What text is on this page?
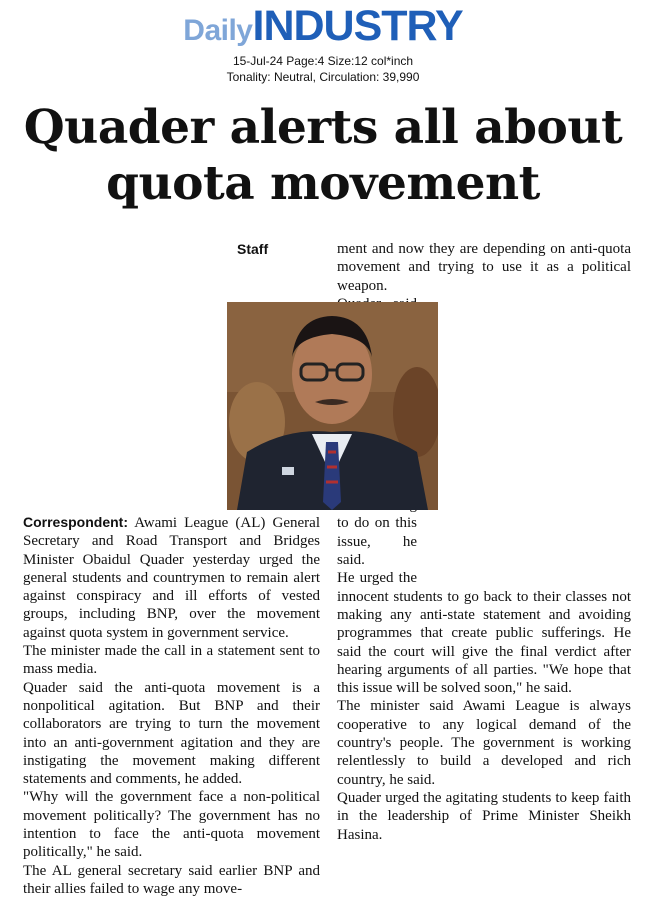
DailyINDUSTRY
15-Jul-24 Page:4 Size:12 col*inch
Tonality: Neutral, Circulation: 39,990
Quader alerts all about
quota movement

Staff Correspondent: Awami League (AL) General Secretary and Road Transport and Bridges Minister Obaidul Quader yesterday urged the general students and countrymen to remain alert against conspiracy and ill efforts of vested groups, including BNP, over the movement against quota system in government service.

The minister made the call in a statement sent to mass media.

Quader said the anti-quota movement is a nonpolitical agitation. But BNP and their collaborators are trying to turn the movement into an anti-government agitation and they are instigating the movement making different statements and comments, he added.

"Why will the government face a non-political movement politically? The government has no intention to face the anti-quota movement politically," he said.

The AL general secretary said earlier BNP and their allies failed to wage any move-

ment and now they are depending on anti-quota movement and trying to use it as a political weapon.

to do on this issue, he said.

He urged the innocent students to go back to their classes not making any anti-state statement and avoiding programmes that create public sufferings. He said the court will give the final verdict after hearing arguments of all parties. "We hope that this issue will be solved soon," he said.

The minister said Awami League is always cooperative to any logical demand of the country's people. The government is working relentlessly to build a developed and rich country, he said.

Quader urged the agitating students to keep faith in the leadership of Prime Minister Sheikh Hasina.
